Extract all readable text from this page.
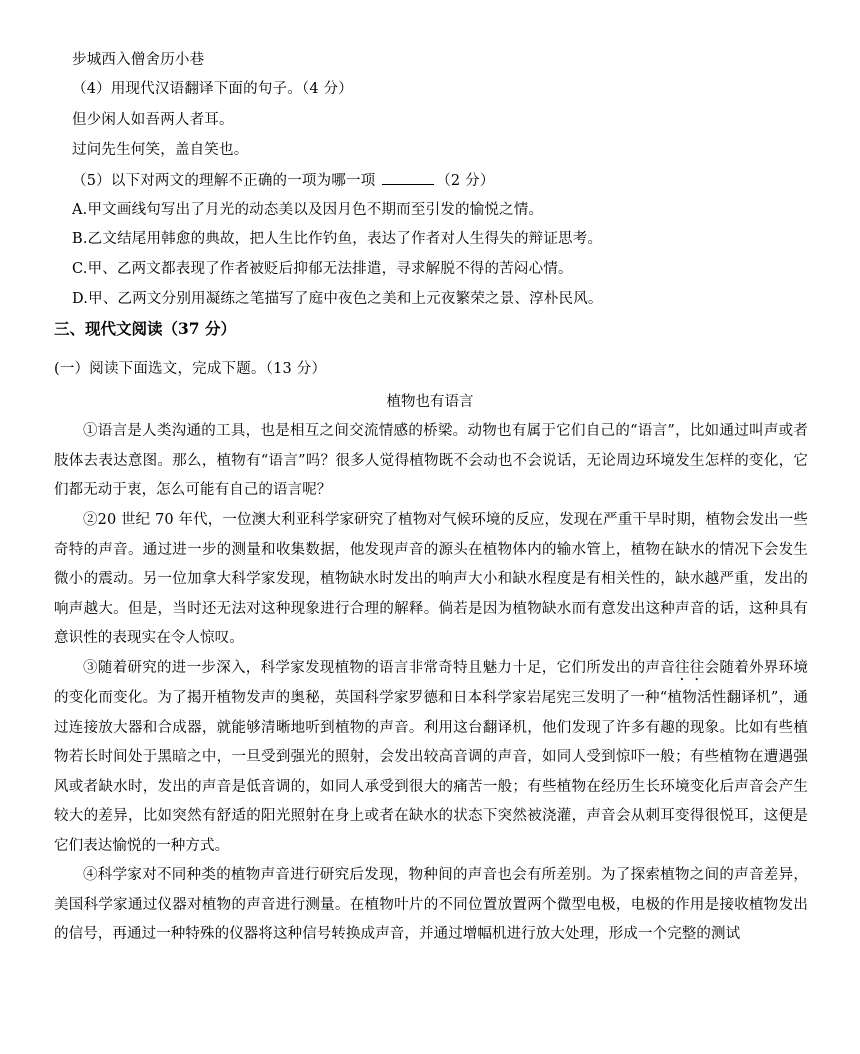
步城西入僧舍历小巷
（4）用现代汉语翻译下面的句子。（4 分）
但少闲人如吾两人者耳。
过问先生何笑，盖自笑也。
（5）以下对两文的理解不正确的一项为哪一项	（2 分）
A.甲文画线句写出了月光的动态美以及因月色不期而至引发的愉悦之情。
B.乙文结尾用韩愈的典故，把人生比作钓鱼，表达了作者对人生得失的辩证思考。
C.甲、乙两文都表现了作者被贬后抑郁无法排遣，寻求解脱不得的苦闷心情。
D.甲、乙两文分别用凝练之笔描写了庭中夜色之美和上元夜繁荣之景、淳朴民风。
三、现代文阅读（37 分）
(一）阅读下面选文，完成下题。（13 分）
植物也有语言
①语言是人类沟通的工具，也是相互之间交流情感的桥梁。动物也有属于它们自己的“语言”，比如通过叫声或者肢体去表达意图。那么，植物有“语言”吗？很多人觉得植物既不会动也不会说话，无论周边环境发生怎样的变化，它们都无动于衷，怎么可能有自己的语言呢？
②20 世纪 70 年代，一位澳大利亚科学家研究了植物对气候环境的反应，发现在严重干旱时期，植物会发出一些奇特的声音。通过进一步的测量和收集数据，他发现声音的源头在植物体内的输水管上，植物在缺水的情况下会发生微小的震动。另一位加拿大科学家发现，植物缺水时发出的响声大小和缺水程度是有相关性的，缺水越严重，发出的响声越大。但是，当时还无法对这种现象进行合理的解释。倘若是因为植物缺水而有意发出这种声音的话，这种具有意识性的表现实在令人惊叹。
③随着研究的进一步深入，科学家发现植物的语言非常奇特且魅力十足，它们所发出的声音往往会随着外界环境的变化而变化。为了揭开植物发声的奥秘，英国科学家罗德和日本科学家岩尾宪三发明了一种“植物活性翻译机”，通过连接放大器和合成器，就能够清晰地听到植物的声音。利用这台翻译机，他们发现了许多有趣的现象。比如有些植物若长时间处于黑暗之中，一旦受到强光的照射，会发出较高音调的声音，如同人受到惊吓一般；有些植物在遭遇强风或者缺水时，发出的声音是低音调的，如同人承受到很大的痛苦一般；有些植物在经历生长环境变化后声音会产生较大的差异，比如突然有舒适的阳光照射在身上或者在缺水的状态下突然被浇灌，声音会从刺耳变得很悦耳，这便是它们表达愉悦的一种方式。
④科学家对不同种类的植物声音进行研究后发现，物种间的声音也会有所差别。为了探索植物之间的声音差异，美国科学家通过仪器对植物的声音进行测量。在植物叶片的不同位置放置两个微型电极，电极的作用是接收植物发出的信号，再通过一种特殊的仪器将这种信号转换成声音，并通过增幅机进行放大处理，形成一个完整的测试
